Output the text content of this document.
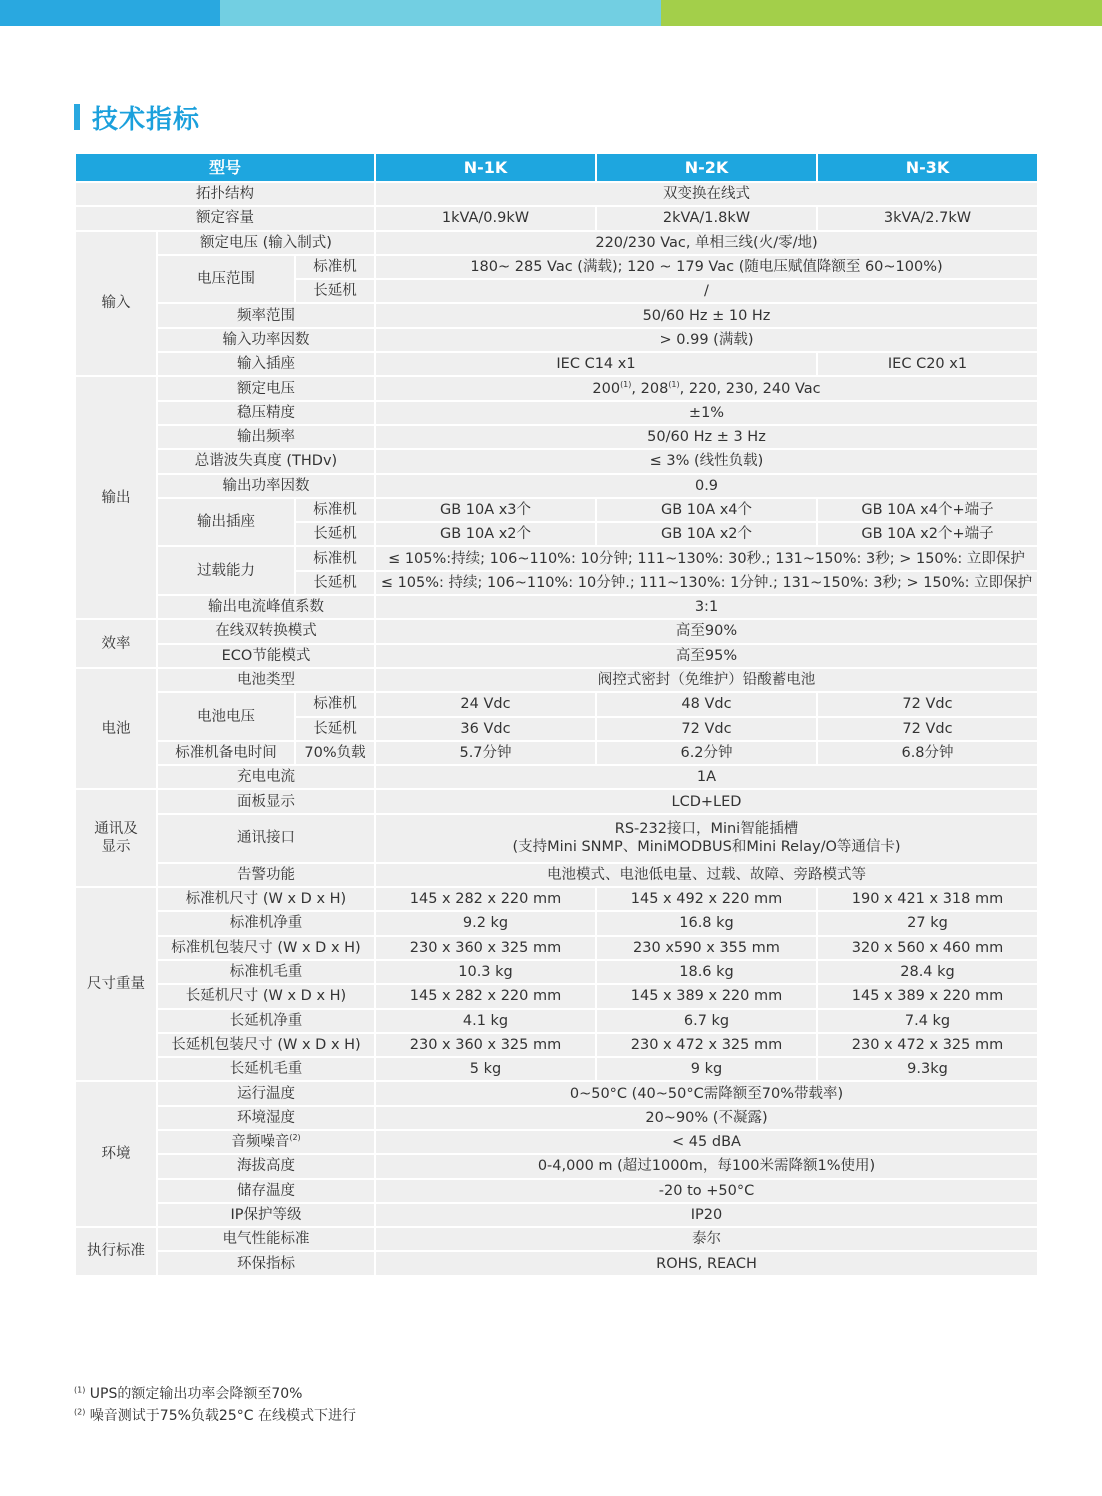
技术指标
型号			N-1K	N-2K	N-3K
拓扑结构			双变换在线式		
额定容量			1kVA/0.9kW	2kVA/1.8kW	3kVA/2.7kW
输入	额定电压 (输入制式)		220/230 Vac, 单相三线(火/零/地)		
	电压范围	标准机	180~ 285 Vac (满载); 120 ~ 179 Vac (随电压赋值降额至 60~100%)		
		长延机	/		
	频率范围		50/60 Hz ± 10 Hz		
	输入功率因数		> 0.99 (满载)		
	输入插座		IEC C14 x1		IEC C20 x1
输出	额定电压		200$^{(1)}$, 208$^{(1)}$, 220, 230, 240 Vac		
	稳压精度		±1%		
	输出频率		50/60 Hz ± 3 Hz		
	总谐波失真度 (THDv)		≤ 3% (线性负载)		
	输出功率因数		0.9		
	输出插座	标准机	GB 10A x3个	GB 10A x4个	GB 10A x4个+端子
		长延机	GB 10A x2个	GB 10A x2个	GB 10A x2个+端子
	过载能力	标准机	≤ 105%:持续; 106~110%: 10分钟; 111~130%: 30秒.; 131~150%: 3秒; > 150%: 立即保护		
		长延机	≤ 105%: 持续; 106~110%: 10分钟.; 111~130%: 1分钟.; 131~150%: 3秒; > 150%: 立即保护		
	输出电流峰值系数		3:1		
效率	在线双转换模式		高至90%		
	ECO节能模式		高至95%		
电池	电池类型		阀控式密封（免维护）铅酸蓄电池		
	电池电压	标准机	24 Vdc	48 Vdc	72 Vdc
		长延机	36 Vdc	72 Vdc	72 Vdc
	标准机备电时间	70%负载	5.7分钟	6.2分钟	6.8分钟
	充电电流		1A		
通讯及
显示	面板显示		LCD+LED		
	通讯接口		RS-232接口，Mini智能插槽
(支持Mini SNMP、MiniMODBUS和Mini Relay/O等通信卡)		
	告警功能		电池模式、电池低电量、过载、故障、旁路模式等		
尺寸重量	标准机尺寸 (W x D x H)		145 x 282 x 220 mm	145 x 492 x 220 mm	190 x 421 x 318 mm
	标准机净重		9.2 kg	16.8 kg	27 kg
	标准机包装尺寸 (W x D x H)		230 x 360 x 325 mm	230 x590 x 355 mm	320 x 560 x 460 mm
	标准机毛重		10.3 kg	18.6 kg	28.4 kg
	长延机尺寸 (W x D x H)		145 x 282 x 220 mm	145 x 389 x 220 mm	145 x 389 x 220 mm
	长延机净重		4.1 kg	6.7 kg	7.4 kg
	长延机包装尺寸 (W x D x H)		230 x 360 x 325 mm	230 x 472 x 325 mm	230 x 472 x 325 mm
	长延机毛重		5 kg	9 kg	9.3kg
环境	运行温度		0~50°C (40~50°C需降额至70%带载率)		
	环境湿度		20~90% (不凝露)		
	音频噪音$^{(2)}$		< 45 dBA		
	海拔高度		0-4,000 m (超过1000m，每100米需降额1%使用)		
	储存温度		-20 to +50°C		
	IP保护等级		IP20		
执行标准	电气性能标准		泰尔		
	环保指标		ROHS, REACH		
$^{(1)}$ UPS的额定输出功率会降额至70%
$^{(2)}$ 噪音测试于75%负载25°C 在线模式下进行
